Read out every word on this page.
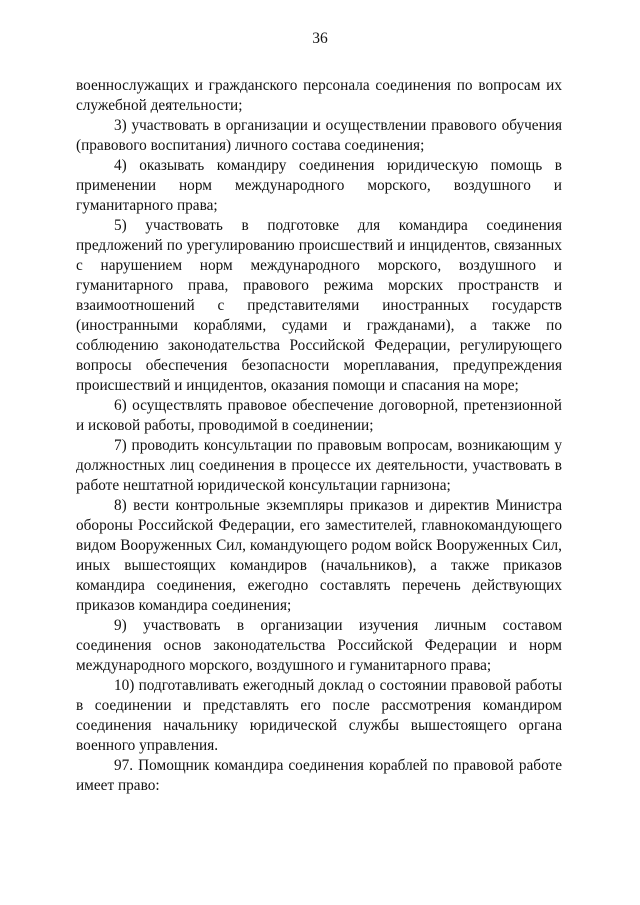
36

военнослужащих и гражданского персонала соединения по вопросам их служебной деятельности;

3) участвовать в организации и осуществлении правового обучения (правового воспитания) личного состава соединения;

4) оказывать командиру соединения юридическую помощь в применении норм международного морского, воздушного и гуманитарного права;

5) участвовать в подготовке для командира соединения предложений по урегулированию происшествий и инцидентов, связанных с нарушением норм международного морского, воздушного и гуманитарного права, правового режима морских пространств и взаимоотношений с представителями иностранных государств (иностранными кораблями, судами и гражданами), а также по соблюдению законодательства Российской Федерации, регулирующего вопросы обеспечения безопасности мореплавания, предупреждения происшествий и инцидентов, оказания помощи и спасания на море;

6) осуществлять правовое обеспечение договорной, претензионной и исковой работы, проводимой в соединении;

7) проводить консультации по правовым вопросам, возникающим у должностных лиц соединения в процессе их деятельности, участвовать в работе нештатной юридической консультации гарнизона;

8) вести контрольные экземпляры приказов и директив Министра обороны Российской Федерации, его заместителей, главнокомандующего видом Вооруженных Сил, командующего родом войск Вооруженных Сил, иных вышестоящих командиров (начальников), а также приказов командира соединения, ежегодно составлять перечень действующих приказов командира соединения;

9) участвовать в организации изучения личным составом соединения основ законодательства Российской Федерации и норм международного морского, воздушного и гуманитарного права;

10) подготавливать ежегодный доклад о состоянии правовой работы в соединении и представлять его после рассмотрения командиром соединения начальнику юридической службы вышестоящего органа военного управления.

97. Помощник командира соединения кораблей по правовой работе имеет право:
